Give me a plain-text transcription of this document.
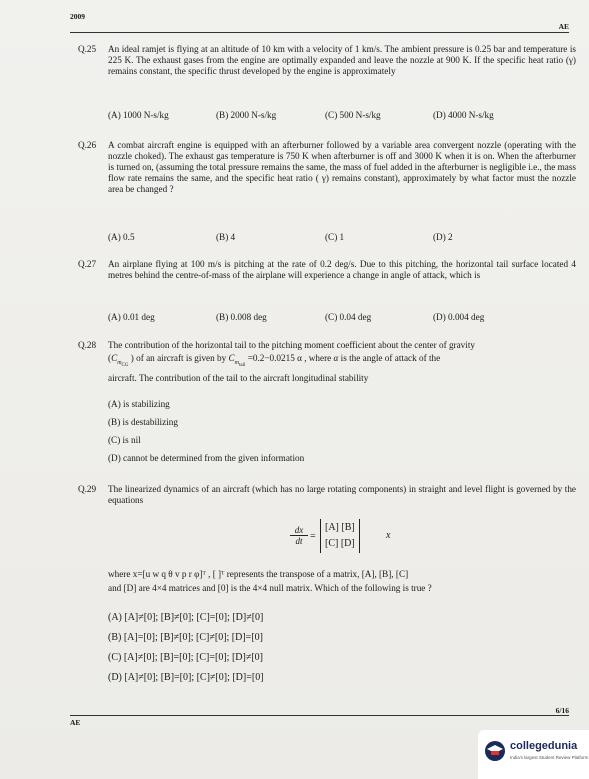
2009
AE
Q.25 An ideal ramjet is flying at an altitude of 10 km with a velocity of 1 km/s. The ambient pressure is 0.25 bar and temperature is 225 K. The exhaust gases from the engine are optimally expanded and leave the nozzle at 900 K. If the specific heat ratio (γ) remains constant, the specific thrust developed by the engine is approximately
(A) 1000 N-s/kg	(B) 2000 N-s/kg	(C) 500 N-s/kg	(D) 4000 N-s/kg
Q.26 A combat aircraft engine is equipped with an afterburner followed by a variable area convergent nozzle (operating with the nozzle choked). The exhaust gas temperature is 750 K when afterburner is off and 3000 K when it is on. When the afterburner is turned on, (assuming the total pressure remains the same, the mass of fuel added in the afterburner is negligible i.e., the mass flow rate remains the same, and the specific heat ratio ( γ) remains constant), approximately by what factor must the nozzle area be changed ?
(A) 0.5	(B) 4	(C) 1	(D) 2
Q.27 An airplane flying at 100 m/s is pitching at the rate of 0.2 deg/s. Due to this pitching, the horizontal tail surface located 4 metres behind the centre-of-mass of the airplane will experience a change in angle of attack, which is
(A) 0.01 deg	(B) 0.008 deg	(C) 0.04 deg	(D) 0.004 deg
Q.28 The contribution of the horizontal tail to the pitching moment coefficient about the center of gravity
($C_{m_{CG}}$ ) of an aircraft is given by $C_{m_{tail}} =0.2-0.0215$ α , where α is the angle of attack of the
aircraft. The contribution of the tail to the aircraft longitudinal stability
(A) is stabilizing
(B) is destabilizing
(C) is nil
(D) cannot be determined from the given information
Q.29 The linearized dynamics of an aircraft (which has no large rotating components) in straight and level flight is governed by the equations
dx
dt =
[A] [B]
[C] [D]
x
where x=[u w q θ v p r φ]ᵀ , [ ]ᵀ represents the transpose of a matrix, [A], [B], [C]
and [D] are 4×4 matrices and [0] is the 4×4 null matrix. Which of the following is true ?
(A) [A]≠[0]; [B]≠[0]; [C]=[0]; [D]≠[0]
(B) [A]=[0]; [B]≠[0]; [C]≠[0]; [D]=[0]
(C) [A]≠[0]; [B]=[0]; [C]=[0]; [D]≠[0]
(D) [A]≠[0]; [B]=[0]; [C]≠[0]; [D]=[0]
6/16
AE
collegedunia
India's largest Student Review Platform
